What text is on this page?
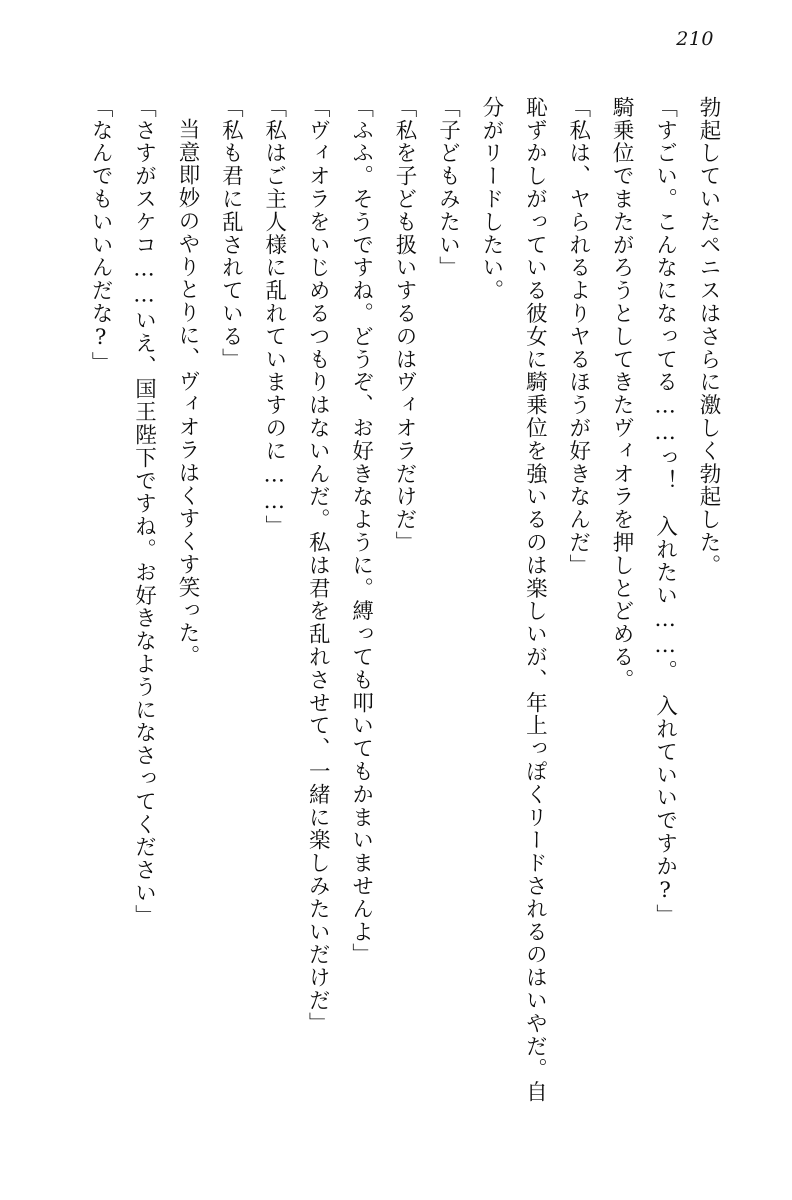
210

勃起していたペニスはさらに激しく勃起した。

「すごい。こんなになってる……っ！　入れたい……。　入れていいですか?」

騎乗位でまたがろうとしてきたヴィオラを押しとどめる。

「私は、ヤられるよりヤるほうが好きなんだ」

恥ずかしがっている彼女に騎乗位を強いるのは楽しいが、年上っぽくリードされるのはいやだ。自分がリードしたい。

「子どもみたい」

「私を子ども扱いするのはヴィオラだけだ」

「ふふ。そうですね。どうぞ、お好きなように。縛っても叩いてもかまいませんよ」

「ヴィオラをいじめるつもりはないんだ。私は君を乱れさせて、一緒に楽しみたいだけだ」

「私はご主人様に乱れていますのに……」

「私も君に乱されている」

当意即妙のやりとりに、ヴィオラはくすくす笑った。

「さすがスケコ……いえ、国王陛下ですね。お好きなようになさってください」

「なんでもいいんだな?」
